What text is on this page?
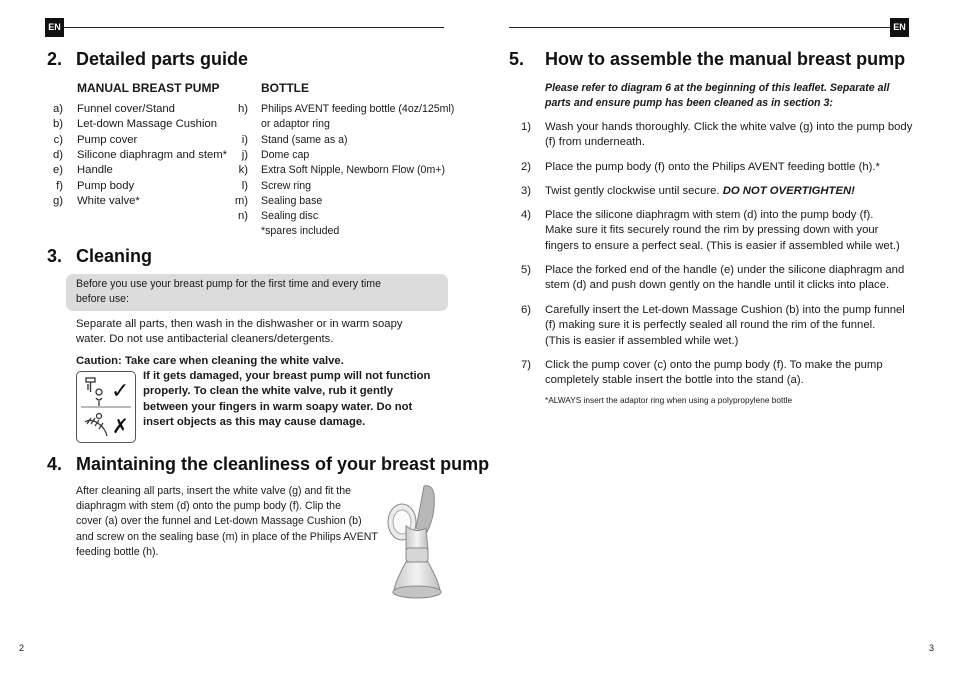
EN
2. Detailed parts guide
MANUAL BREAST PUMP	BOTTLE
a) Funnel cover/Stand
b) Let-down Massage Cushion
c) Pump cover
d) Silicone diaphragm and stem*
e) Handle
f) Pump body
g) White valve*
h) Philips AVENT feeding bottle (4oz/125ml)
or adaptor ring
i) Stand (same as a)
j) Dome cap
k) Extra Soft Nipple, Newborn Flow (0m+)
l) Screw ring
m) Sealing base
n) Sealing disc
*spares included
3. Cleaning
Before you use your breast pump for the first time and every time
before use:
Separate all parts, then wash in the dishwasher or in warm soapy
water. Do not use antibacterial cleaners/detergents.
Caution: Take care when cleaning the white valve.
✓
✗
If it gets damaged, your breast pump will not function
properly. To clean the white valve, rub it gently
between your fingers in warm soapy water. Do not
insert objects as this may cause damage.
4. Maintaining the cleanliness of your breast pump
After cleaning all parts, insert the white valve (g) and fit the
diaphragm with stem (d) onto the pump body (f). Clip the
cover (a) over the funnel and Let-down Massage Cushion (b)
and screw on the sealing base (m) in place of the Philips AVENT
feeding bottle (h).
2
EN
5. How to assemble the manual breast pump
Please refer to diagram 6 at the beginning of this leaflet. Separate all
parts and ensure pump has been cleaned as in section 3:
1) Wash your hands thoroughly. Click the white valve (g) into the pump body
(f) from underneath.
2) Place the pump body (f) onto the Philips AVENT feeding bottle (h).*
3) Twist gently clockwise until secure. DO NOT OVERTIGHTEN!
4) Place the silicone diaphragm with stem (d) into the pump body (f).
Make sure it fits securely round the rim by pressing down with your
fingers to ensure a perfect seal. (This is easier if assembled while wet.)
5) Place the forked end of the handle (e) under the silicone diaphragm and
stem (d) and push down gently on the handle until it clicks into place.
6) Carefully insert the Let-down Massage Cushion (b) into the pump funnel
(f) making sure it is perfectly sealed all round the rim of the funnel.
(This is easier if assembled while wet.)
7) Click the pump cover (c) onto the pump body (f). To make the pump
completely stable insert the bottle into the stand (a).
*ALWAYS insert the adaptor ring when using a polypropylene bottle
3
